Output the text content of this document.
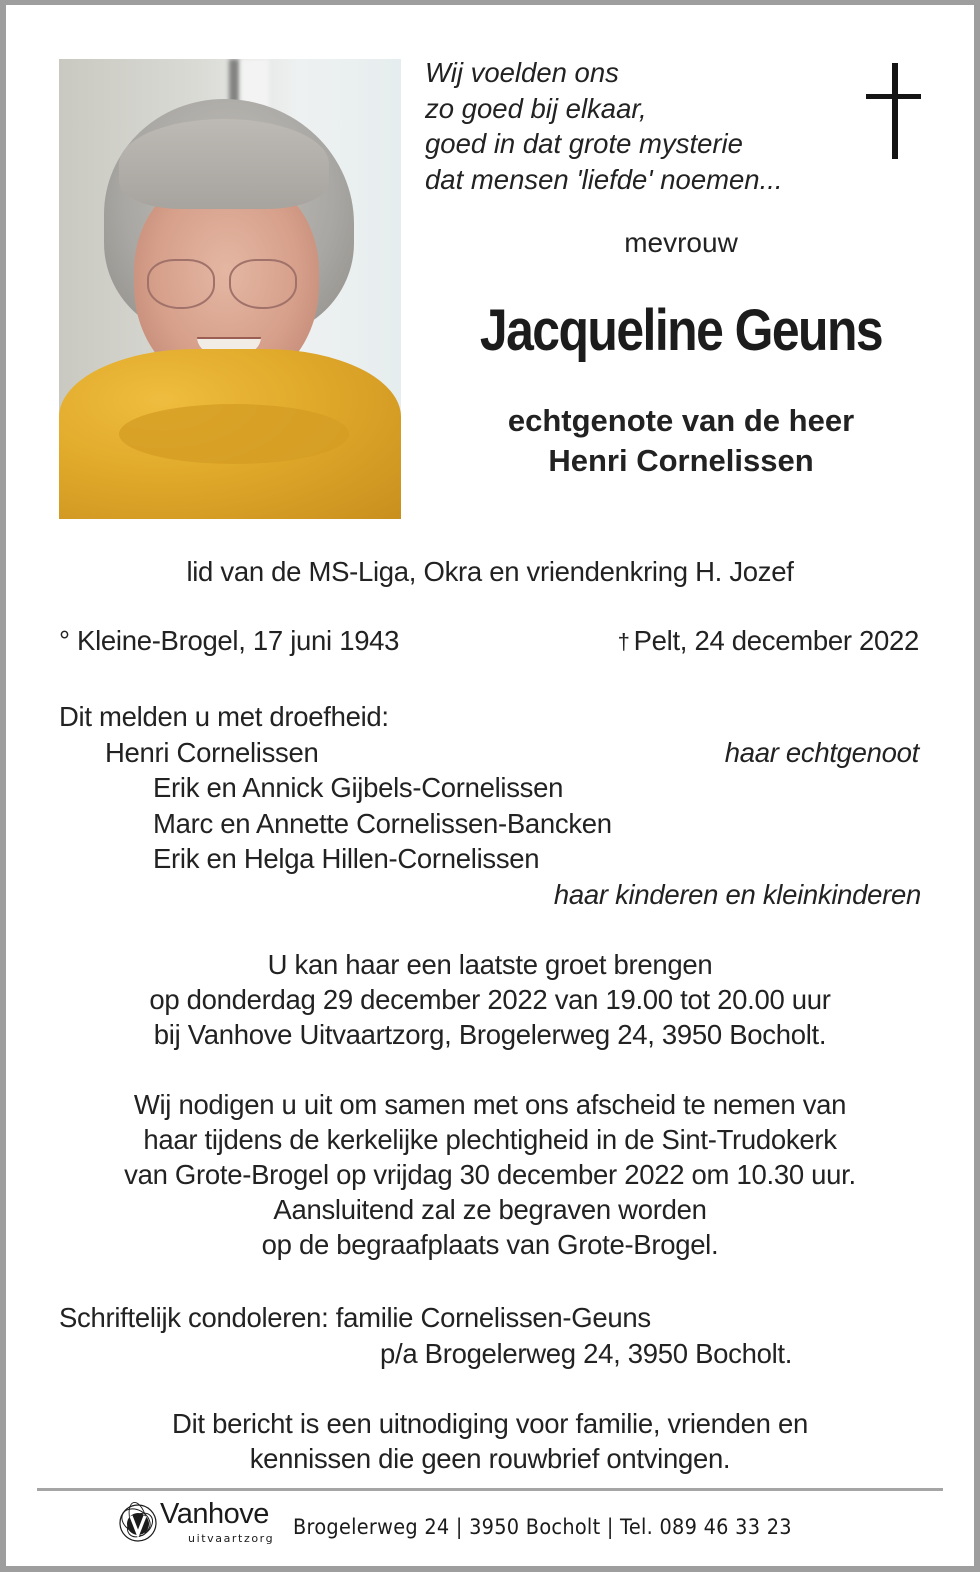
Wij voelden ons
zo goed bij elkaar,
goed in dat grote mysterie
dat mensen 'liefde' noemen...
mevrouw
Jacqueline Geuns
echtgenote van de heer
Henri Cornelissen
lid van de MS-Liga, Okra en vriendenkring H. Jozef
° Kleine-Brogel, 17 juni 1943	† Pelt, 24 december 2022
Dit melden u met droefheid:
Henri Cornelissen	haar echtgenoot
Erik en Annick Gijbels-Cornelissen
Marc en Annette Cornelissen-Bancken
Erik en Helga Hillen-Cornelissen
haar kinderen en kleinkinderen
U kan haar een laatste groet brengen
op donderdag 29 december 2022 van 19.00 tot 20.00 uur
bij Vanhove Uitvaartzorg, Brogelerweg 24, 3950 Bocholt.
Wij nodigen u uit om samen met ons afscheid te nemen van
haar tijdens de kerkelijke plechtigheid in de Sint-Trudokerk
van Grote-Brogel op vrijdag 30 december 2022 om 10.30 uur.
Aansluitend zal ze begraven worden
op de begraafplaats van Grote-Brogel.
Schriftelijk condoleren: familie Cornelissen-Geuns
p/a Brogelerweg 24, 3950 Bocholt.
Dit bericht is een uitnodiging voor familie, vrienden en
kennissen die geen rouwbrief ontvingen.
Vanhove
uitvaartzorg Brogelerweg 24 | 3950 Bocholt | Tel. 089 46 33 23
